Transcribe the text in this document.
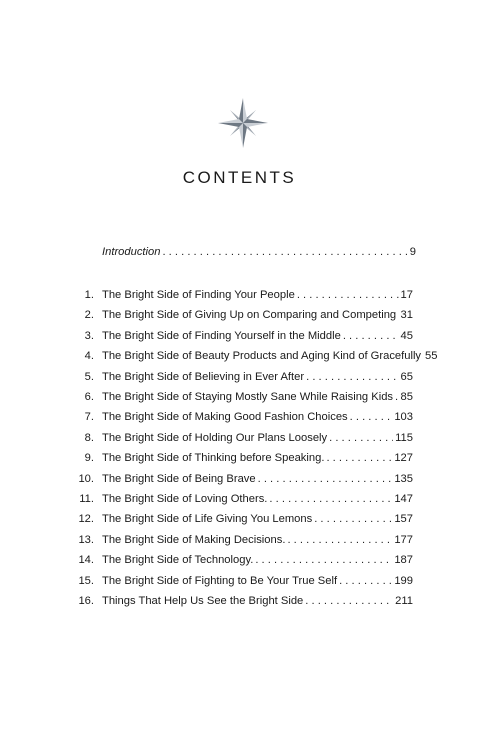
CONTENTS
Introduction . . .	9
1. The Bright Side of Finding Your People . . .	17
2. The Bright Side of Giving Up on Comparing and Competing . . . 31
3. The Bright Side of Finding Yourself in the Middle . . .	45
4. The Bright Side of Beauty Products and Aging Kind of Gracefully 55
5. The Bright Side of Believing in Ever After . . .	65
6. The Bright Side of Staying Mostly Sane While Raising Kids . . . 85
7. The Bright Side of Making Good Fashion Choices . . .	103
8. The Bright Side of Holding Our Plans Loosely . . .	115
9. The Bright Side of Thinking before Speaking. . . .	127
10. The Bright Side of Being Brave . . .	135
11. The Bright Side of Loving Others. . . .	147
12. The Bright Side of Life Giving You Lemons . . .	157
13. The Bright Side of Making Decisions. . . .	177
14. The Bright Side of Technology. . . .	187
15. The Bright Side of Fighting to Be Your True Self . . .	199
16. Things That Help Us See the Bright Side . . .	211
